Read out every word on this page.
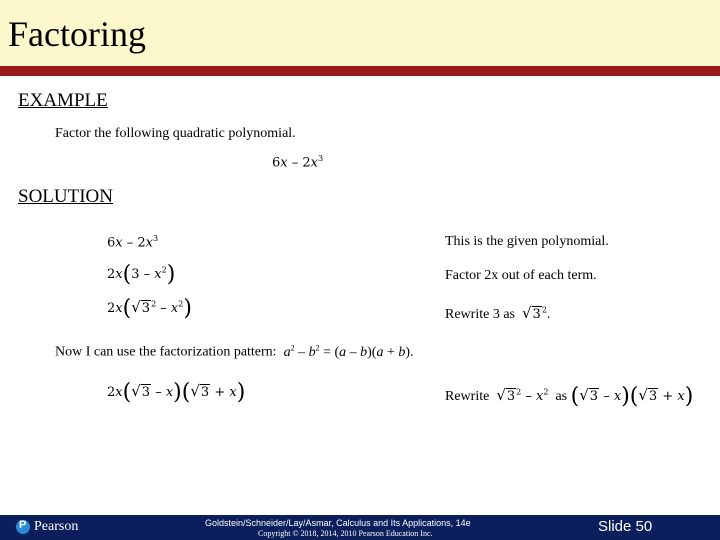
Factoring
EXAMPLE
Factor the following quadratic polynomial.
$6x - 2x^3$
SOLUTION
$6x - 2x^3$	This is the given polynomial.
$2x(3 - x^2)$	Factor 2x out of each term.
$2x(√3^2 - x^2)$	Rewrite 3 as $√3^2$.
Now I can use the factorization pattern: $a^2 - b^2 = (a - b)(a + b)$.
2x(√3 – x)(√3 + x)	Rewrite $√3^2 - x^2$ as (√3 – x)(√3 + x)
P
Pearson	Goldstein/Schneider/Lay/Asmar, Calculus and Its Applications, 14e
Copyright © 2018, 2014, 2010 Pearson Education Inc.	Slide 50
